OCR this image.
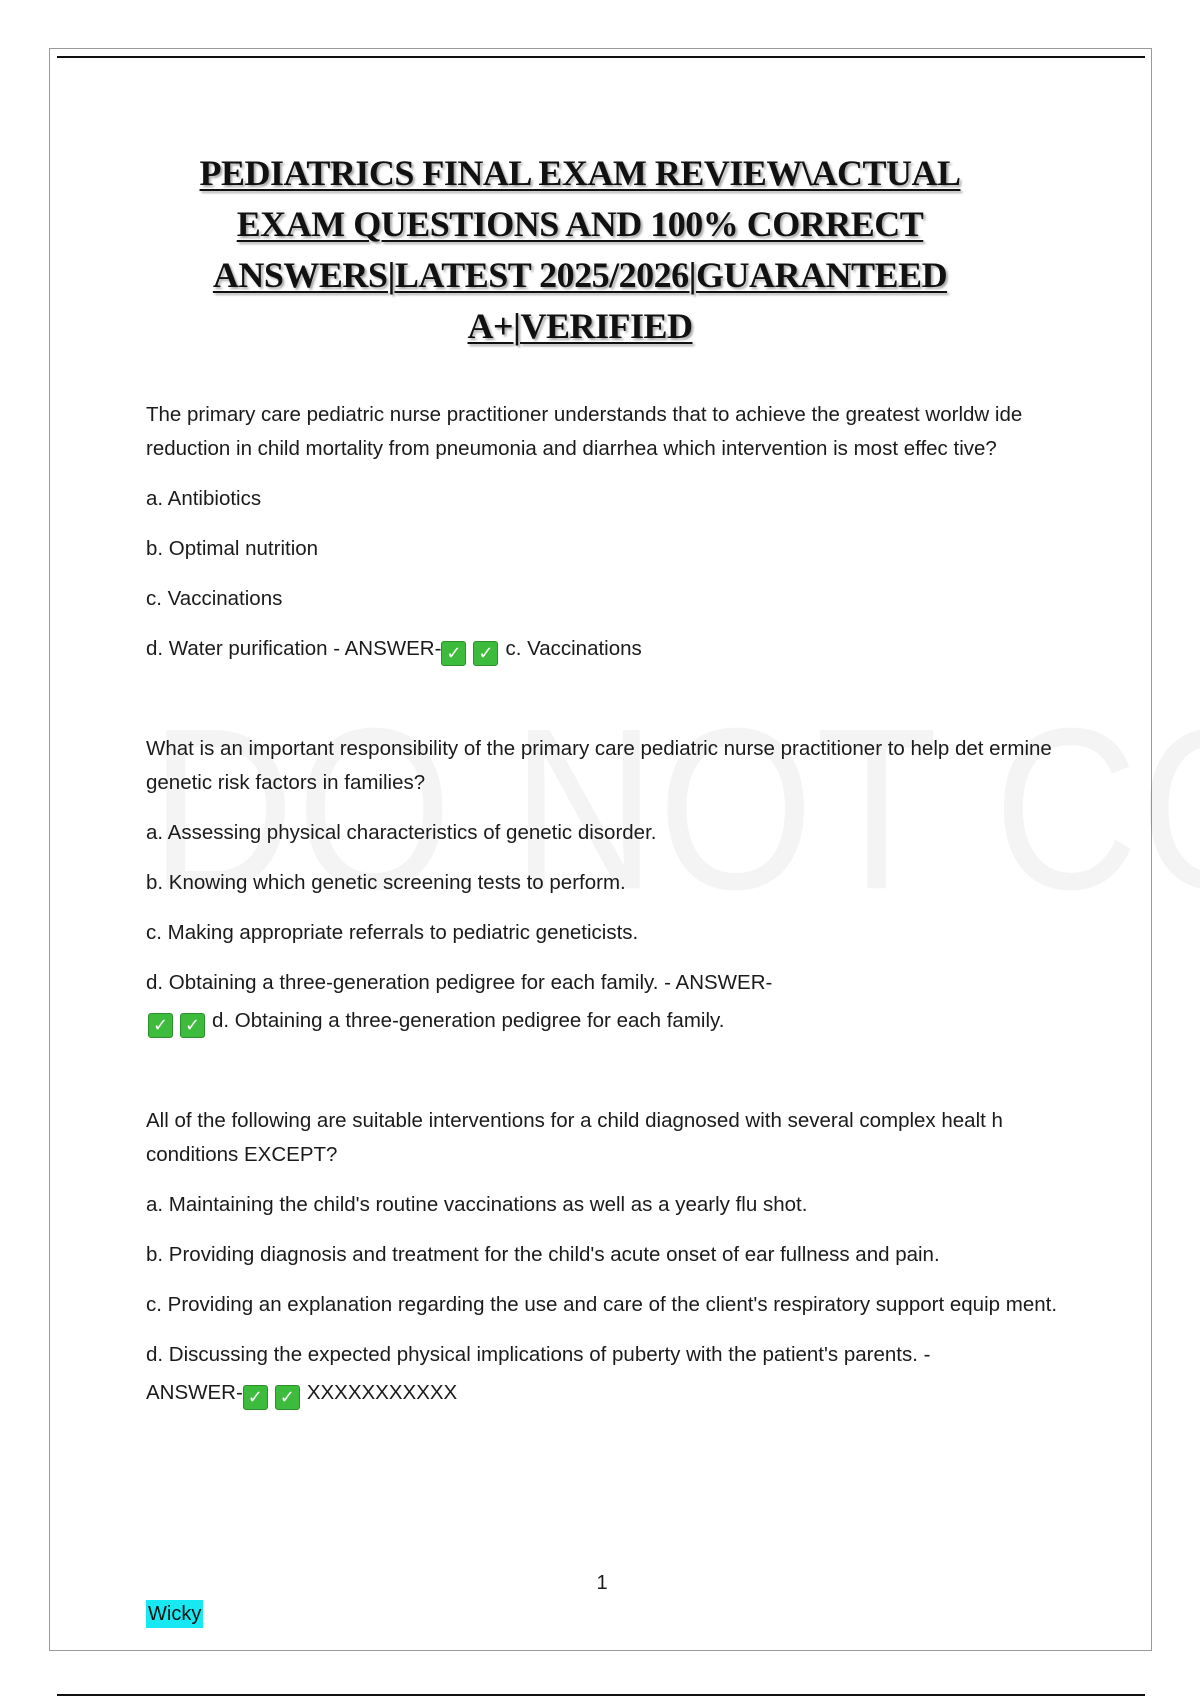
PEDIATRICS FINAL EXAM REVIEW\ACTUAL
EXAM QUESTIONS AND 100% CORRECT
ANSWERS|LATEST 2025/2026|GUARANTEED
A+|VERIFIED

The primary care pediatric nurse practitioner understands that to achieve the greatest worldw ide reduction in child mortality from pneumonia and diarrhea which intervention is most effec tive?

a. Antibiotics

b. Optimal nutrition

c. Vaccinations

d. Water purification - ANSWER- ✓ ✓ c. Vaccinations

What is an important responsibility of the primary care pediatric nurse practitioner to help det ermine genetic risk factors in families?

a. Assessing physical characteristics of genetic disorder.

b. Knowing which genetic screening tests to perform.

c. Making appropriate referrals to pediatric geneticists.

d. Obtaining a three-generation pedigree for each family. - ANSWER-
✓ ✓ d. Obtaining a three-generation pedigree for each family.

All of the following are suitable interventions for a child diagnosed with several complex healt h conditions EXCEPT?

a. Maintaining the child's routine vaccinations as well as a yearly flu shot.

b. Providing diagnosis and treatment for the child's acute onset of ear fullness and pain.

c. Providing an explanation regarding the use and care of the client's respiratory support equip ment.

d. Discussing the expected physical implications of puberty with the patient's parents. -
ANSWER- ✓ ✓ XXXXXXXXXXX

1
Wicky
